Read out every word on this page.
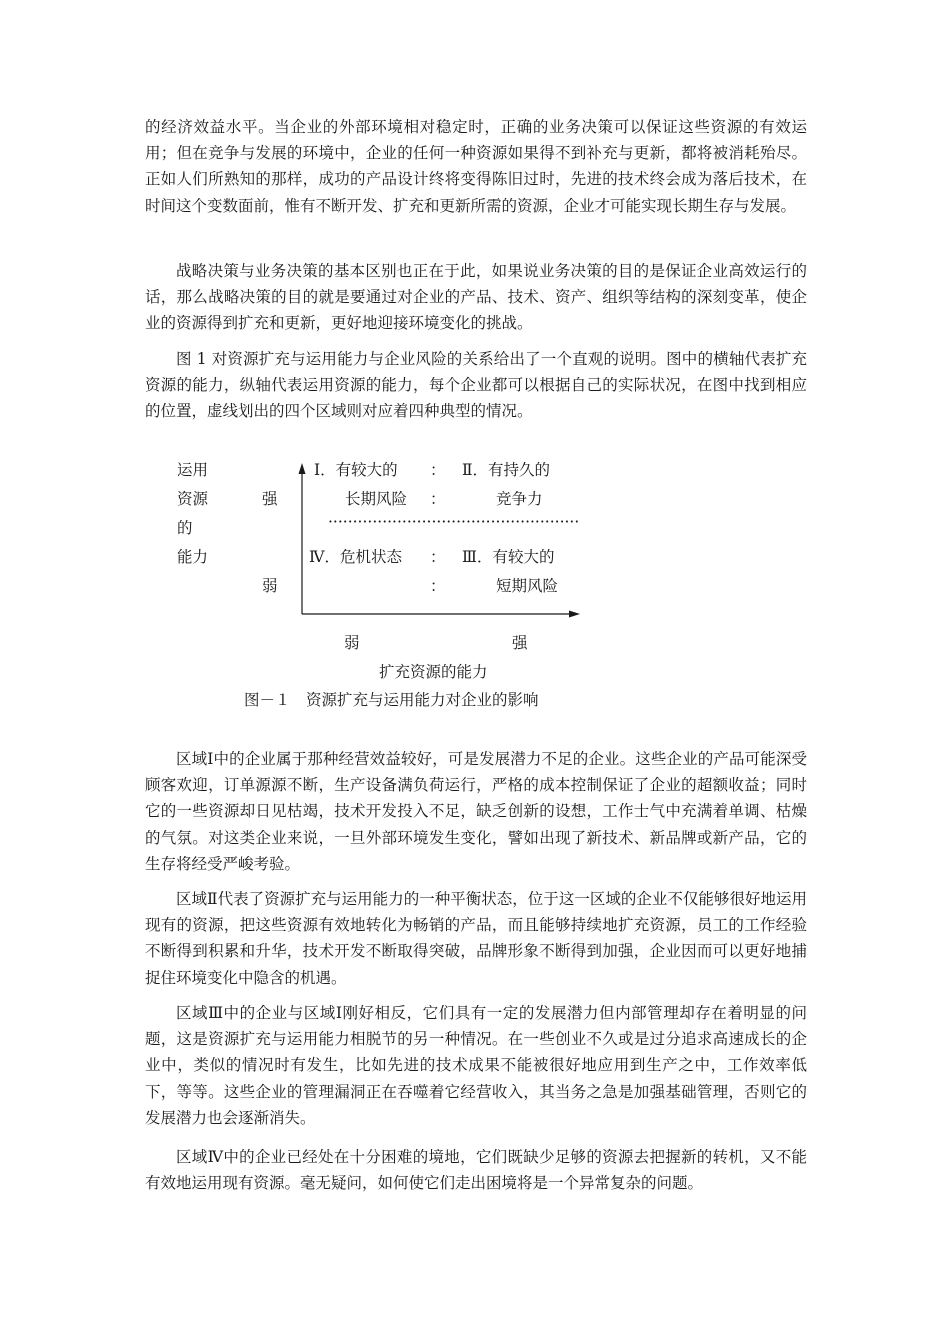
的经济效益水平。当企业的外部环境相对稳定时，正确的业务决策可以保证这些资源的有效运用；但在竞争与发展的环境中，企业的任何一种资源如果得不到补充与更新，都将被消耗殆尽。正如人们所熟知的那样，成功的产品设计终将变得陈旧过时，先进的技术终会成为落后技术，在时间这个变数面前，惟有不断开发、扩充和更新所需的资源，企业才可能实现长期生存与发展。

战略决策与业务决策的基本区别也正在于此，如果说业务决策的目的是保证企业高效运行的话，那么战略决策的目的就是要通过对企业的产品、技术、资产、组织等结构的深刻变革，使企业的资源得到扩充和更新，更好地迎接环境变化的挑战。

图 1 对资源扩充与运用能力与企业风险的关系给出了一个直观的说明。图中的横轴代表扩充资源的能力，纵轴代表运用资源的能力，每个企业都可以根据自己的实际状况，在图中找到相应的位置，虚线划出的四个区域则对应着四种典型的情况。

运用
资源
的
能力
强
弱
Ⅰ．有较大的
长期风险
：
：
：
：
Ⅱ．有持久的
竞争力
·····
Ⅳ．危机状态	Ⅲ．有较大的
短期风险
弱	强
扩充资源的能力
图－１　资源扩充与运用能力对企业的影响

区域Ⅰ中的企业属于那种经营效益较好，可是发展潜力不足的企业。这些企业的产品可能深受顾客欢迎，订单源源不断，生产设备满负荷运行，严格的成本控制保证了企业的超额收益；同时它的一些资源却日见枯竭，技术开发投入不足，缺乏创新的设想，工作士气中充满着单调、枯燥的气氛。对这类企业来说，一旦外部环境发生变化，譬如出现了新技术、新品牌或新产品，它的生存将经受严峻考验。

区域Ⅱ代表了资源扩充与运用能力的一种平衡状态，位于这一区域的企业不仅能够很好地运用现有的资源，把这些资源有效地转化为畅销的产品，而且能够持续地扩充资源，员工的工作经验不断得到积累和升华，技术开发不断取得突破，品牌形象不断得到加强，企业因而可以更好地捕捉住环境变化中隐含的机遇。

区域Ⅲ中的企业与区域Ⅰ刚好相反，它们具有一定的发展潜力但内部管理却存在着明显的问题，这是资源扩充与运用能力相脱节的另一种情况。在一些创业不久或是过分追求高速成长的企业中，类似的情况时有发生，比如先进的技术成果不能被很好地应用到生产之中，工作效率低下，等等。这些企业的管理漏洞正在吞噬着它经营收入，其当务之急是加强基础管理，否则它的发展潜力也会逐渐消失。

区域Ⅳ中的企业已经处在十分困难的境地，它们既缺少足够的资源去把握新的转机，又不能有效地运用现有资源。毫无疑问，如何使它们走出困境将是一个异常复杂的问题。
